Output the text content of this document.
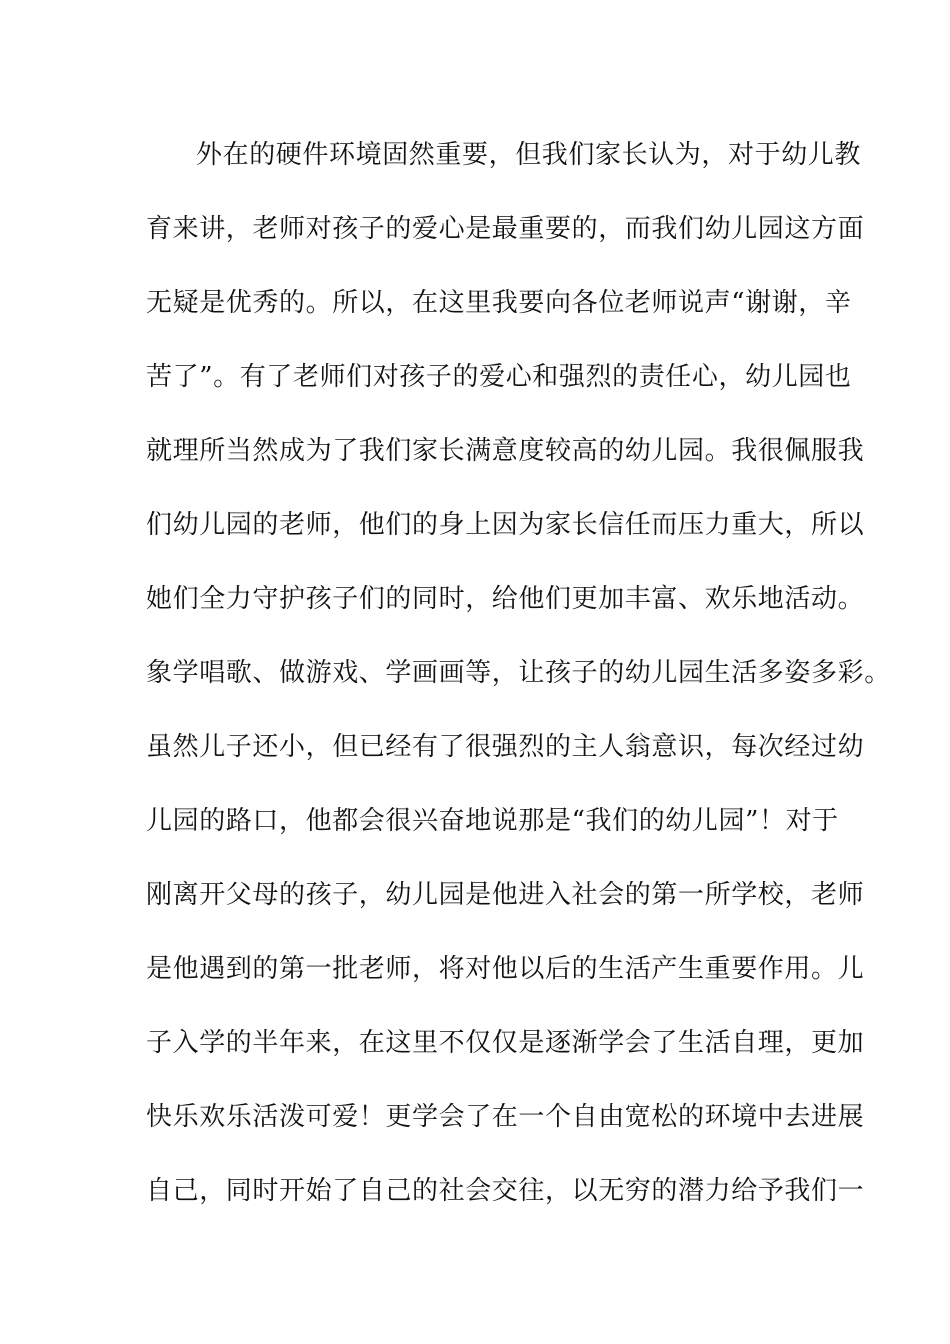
外在的硬件环境固然重要，但我们家长认为，对于幼儿教
育来讲，老师对孩子的爱心是最重要的，而我们幼儿园这方面
无疑是优秀的。所以，在这里我要向各位老师说声“谢谢，辛
苦了”。有了老师们对孩子的爱心和强烈的责任心，幼儿园也
就理所当然成为了我们家长满意度较高的幼儿园。我很佩服我
们幼儿园的老师，他们的身上因为家长信任而压力重大，所以
她们全力守护孩子们的同时，给他们更加丰富、欢乐地活动。
象学唱歌、做游戏、学画画等，让孩子的幼儿园生活多姿多彩。
虽然儿子还小，但已经有了很强烈的主人翁意识，每次经过幼
儿园的路口，他都会很兴奋地说那是“我们的幼儿园”！对于
刚离开父母的孩子，幼儿园是他进入社会的第一所学校，老师
是他遇到的第一批老师，将对他以后的生活产生重要作用。儿
子入学的半年来，在这里不仅仅是逐渐学会了生活自理，更加
快乐欢乐活泼可爱！更学会了在一个自由宽松的环境中去进展
自己，同时开始了自己的社会交往，以无穷的潜力给予我们一
